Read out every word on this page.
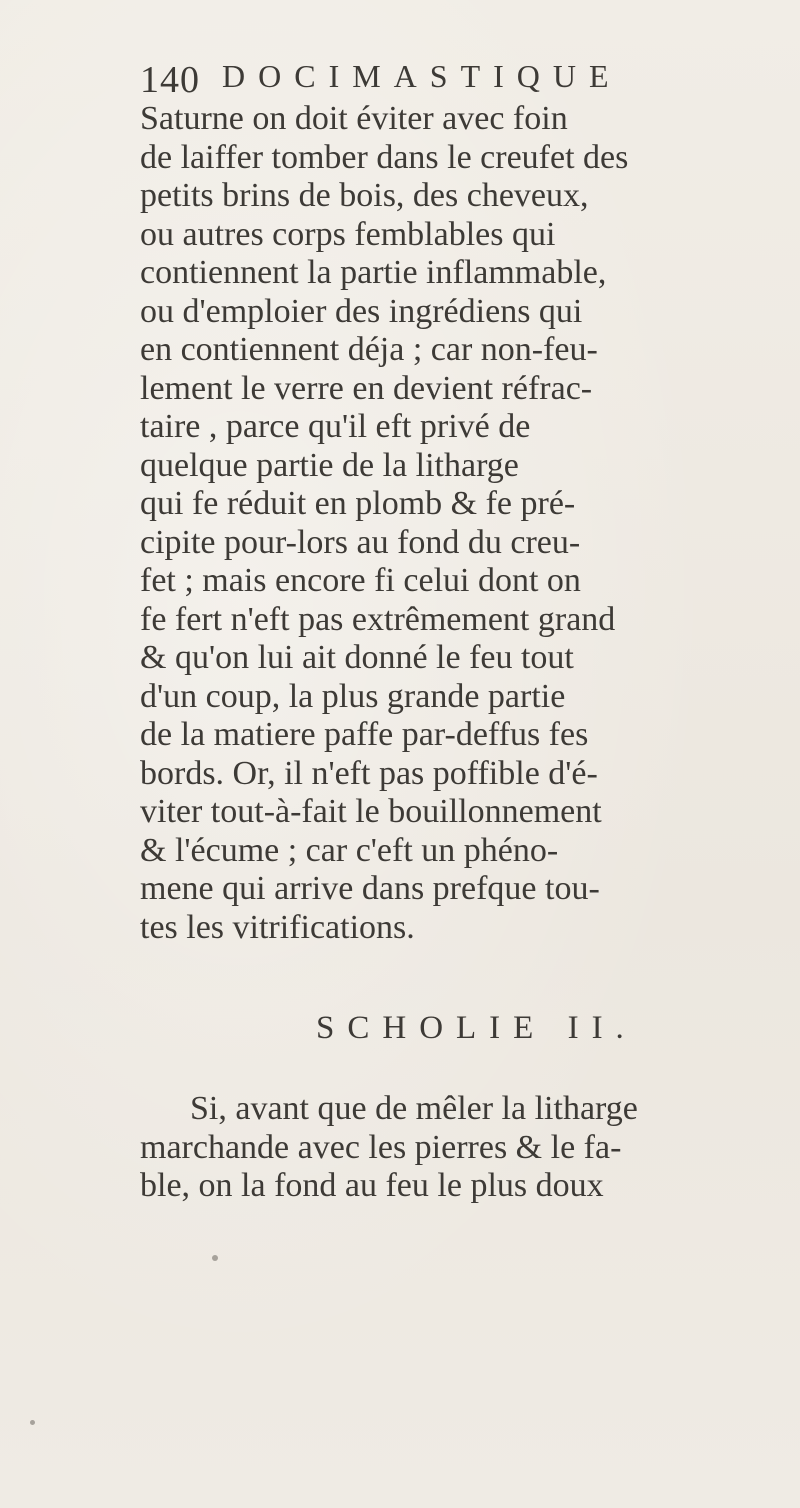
140 DOCIMASTIQUE
Saturne on doit éviter avec foin
de laiffer tomber dans le creufet des
petits brins de bois, des cheveux,
ou autres corps femblables qui
contiennent la partie inflammable,
ou d'emploier des ingrédiens qui
en contiennent déja ; car non-feu-
lement le verre en devient réfrac-
taire , parce qu'il eft privé de
quelque partie de la litharge
qui fe réduit en plomb & fe pré-
cipite pour-lors au fond du creu-
fet ; mais encore fi celui dont on
fe fert n'eft pas extrêmement grand
& qu'on lui ait donné le feu tout
d'un coup, la plus grande partie
de la matiere paffe par-deffus fes
bords. Or, il n'eft pas poffible d'é-
viter tout-à-fait le bouillonnement
& l'écume ; car c'eft un phéno-
mene qui arrive dans prefque tou-
tes les vitrifications.
SCHOLIE II.
Si, avant que de mêler la litharge
marchande avec les pierres & le fa-
ble, on la fond au feu le plus doux
